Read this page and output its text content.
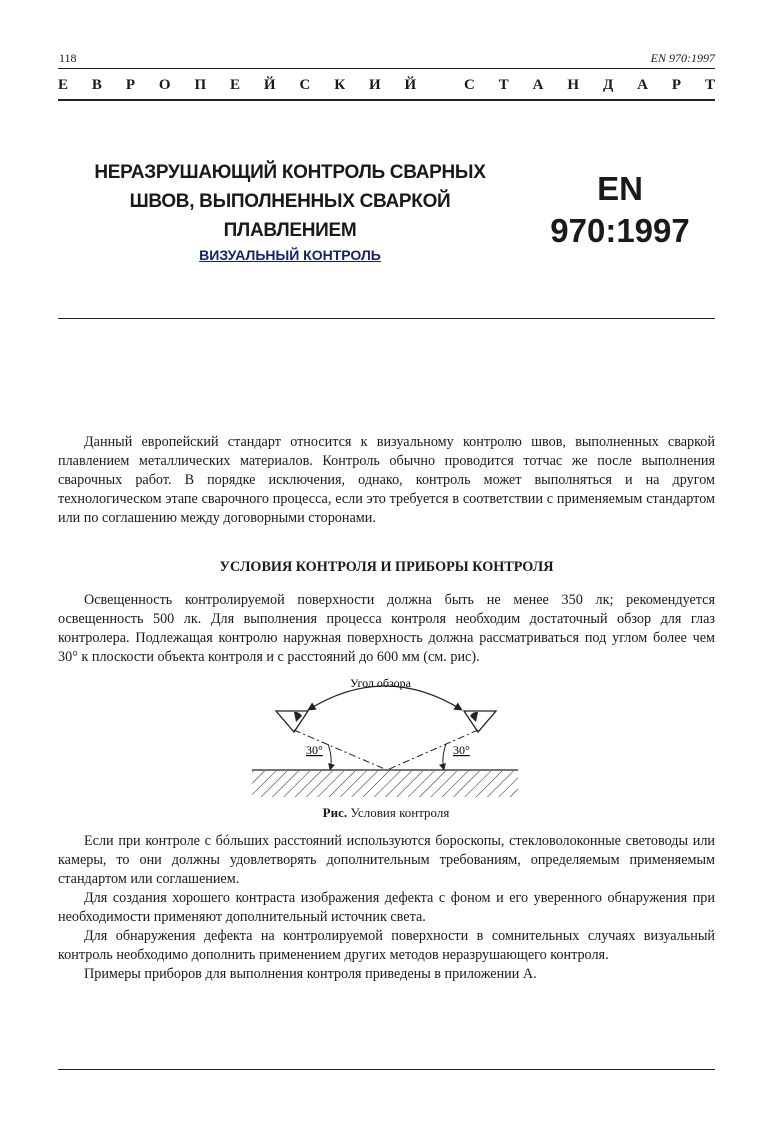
118	EN 970:1997
Е В Р О П Е Й С К И Й	С Т А Н Д А Р Т
НЕРАЗРУШАЮЩИЙ КОНТРОЛЬ СВАРНЫХ
ШВОВ, ВЫПОЛНЕННЫХ СВАРКОЙ
ПЛАВЛЕНИЕМ
ВИЗУАЛЬНЫЙ КОНТРОЛЬ
EN
970:1997

Данный европейский стандарт относится к визуальному контролю швов, выполненных сваркой плавлением металлических материалов. Контроль обычно проводится тотчас же после выполнения сварочных работ. В порядке исключения, однако, контроль может выполняться и на другом технологическом этапе сварочного процесса, если это требуется в соответствии с применяемым стандартом или по соглашению между договорными сторонами.

УСЛОВИЯ КОНТРОЛЯ И ПРИБОРЫ КОНТРОЛЯ

Освещенность контролируемой поверхности должна быть не менее 350 лк; рекомендуется освещенность 500 лк. Для выполнения процесса контроля необходим достаточный обзор для глаз контролера. Подлежащая контролю наружная поверхность должна рассматриваться под углом более чем 30° к плоскости объекта контроля и с расстояний до 600 мм (см. рис).

Угол обзора
30°	30°
Рис. Условия контроля

Если при контроле с бóльших расстояний используются бороскопы, стекловолоконные световоды или камеры, то они должны удовлетворять дополнительным требованиям, определяемым применяемым стандартом или соглашением.

Для создания хорошего контраста изображения дефекта с фоном и его уверенного обнаружения при необходимости применяют дополнительный источник света.

Для обнаружения дефекта на контролируемой поверхности в сомнительных случаях визуальный контроль необходимо дополнить применением других методов неразрушающего контроля.

Примеры приборов для выполнения контроля приведены в приложении А.
